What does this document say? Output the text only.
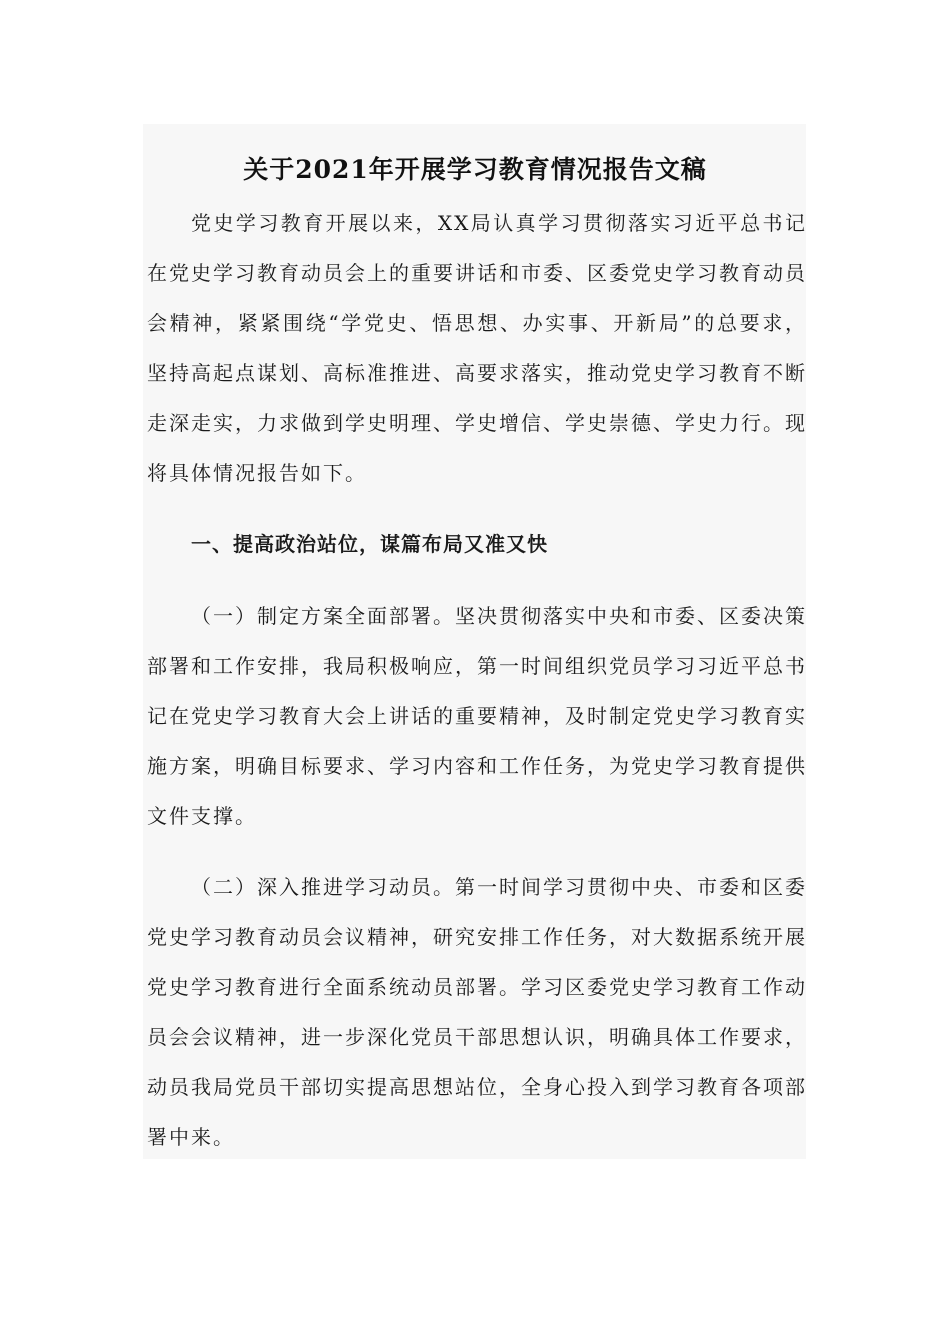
关于2021年开展学习教育情况报告文稿

党史学习教育开展以来，XX局认真学习贯彻落实习近平总书记在党史学习教育动员会上的重要讲话和市委、区委党史学习教育动员会精神，紧紧围绕“学党史、悟思想、办实事、开新局”的总要求，坚持高起点谋划、高标准推进、高要求落实，推动党史学习教育不断走深走实，力求做到学史明理、学史增信、学史崇德、学史力行。现将具体情况报告如下。

一、提高政治站位，谋篇布局又准又快

（一）制定方案全面部署。坚决贯彻落实中央和市委、区委决策部署和工作安排，我局积极响应，第一时间组织党员学习习近平总书记在党史学习教育大会上讲话的重要精神，及时制定党史学习教育实施方案，明确目标要求、学习内容和工作任务，为党史学习教育提供文件支撑。

（二）深入推进学习动员。第一时间学习贯彻中央、市委和区委党史学习教育动员会议精神，研究安排工作任务，对大数据系统开展党史学习教育进行全面系统动员部署。学习区委党史学习教育工作动员会会议精神，进一步深化党员干部思想认识，明确具体工作要求，动员我局党员干部切实提高思想站位，全身心投入到学习教育各项部署中来。
